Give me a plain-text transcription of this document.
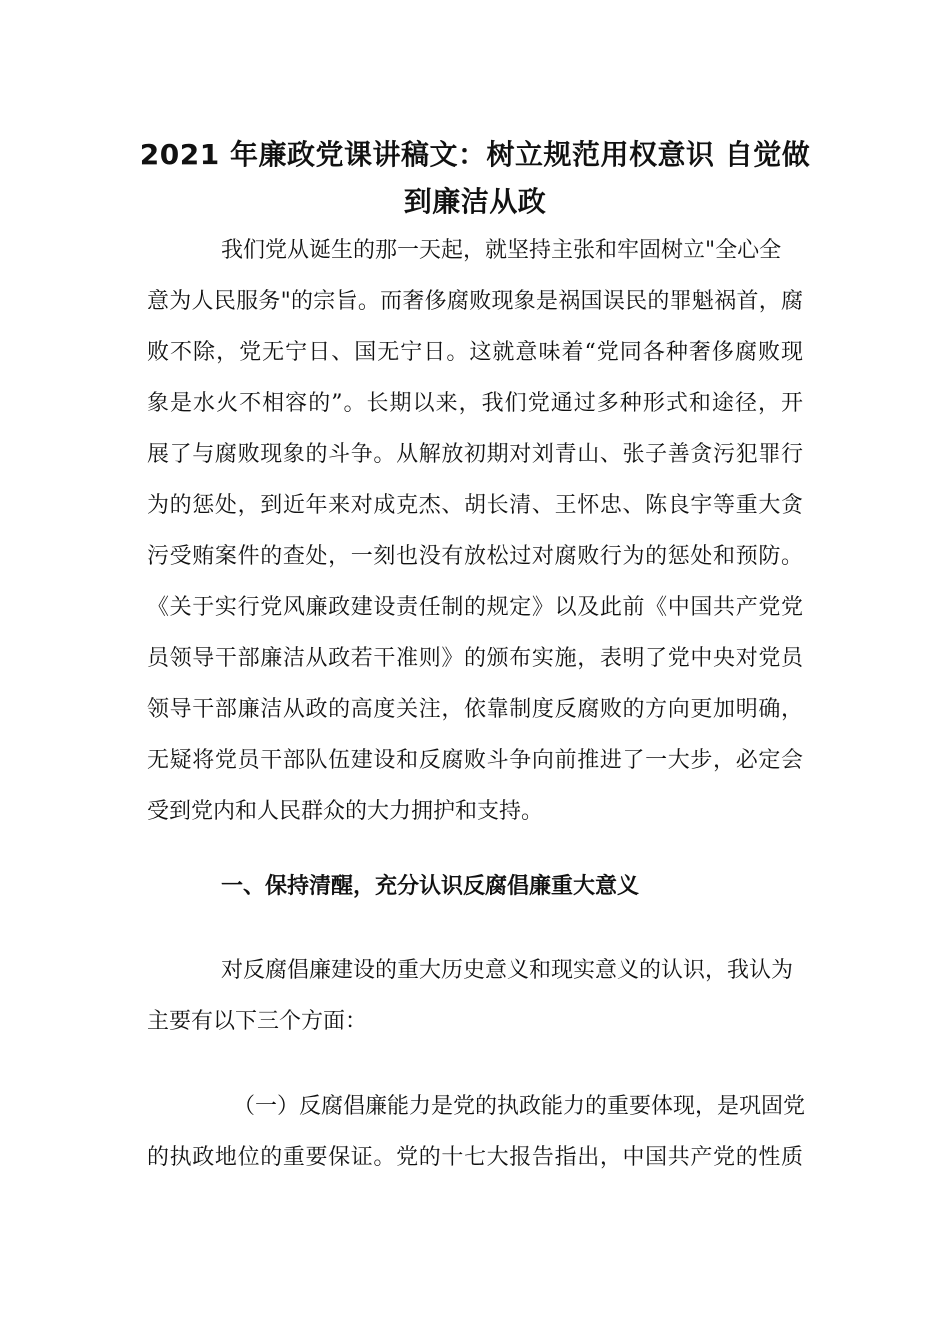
2021 年廉政党课讲稿文：树立规范用权意识 自觉做
到廉洁从政
我们党从诞生的那一天起，就坚持主张和牢固树立"全心全
意为人民服务"的宗旨。而奢侈腐败现象是祸国误民的罪魁祸首，腐
败不除，党无宁日、国无宁日。这就意味着“党同各种奢侈腐败现
象是水火不相容的”。长期以来，我们党通过多种形式和途径，开
展了与腐败现象的斗争。从解放初期对刘青山、张子善贪污犯罪行
为的惩处，到近年来对成克杰、胡长清、王怀忠、陈良宇等重大贪
污受贿案件的查处，一刻也没有放松过对腐败行为的惩处和预防。
《关于实行党风廉政建设责任制的规定》以及此前《中国共产党党
员领导干部廉洁从政若干准则》的颁布实施，表明了党中央对党员
领导干部廉洁从政的高度关注，依靠制度反腐败的方向更加明确，
无疑将党员干部队伍建设和反腐败斗争向前推进了一大步，必定会
受到党内和人民群众的大力拥护和支持。
一、保持清醒，充分认识反腐倡廉重大意义
对反腐倡廉建设的重大历史意义和现实意义的认识，我认为
主要有以下三个方面：
（一）反腐倡廉能力是党的执政能力的重要体现，是巩固党
的执政地位的重要保证。党的十七大报告指出，中国共产党的性质
